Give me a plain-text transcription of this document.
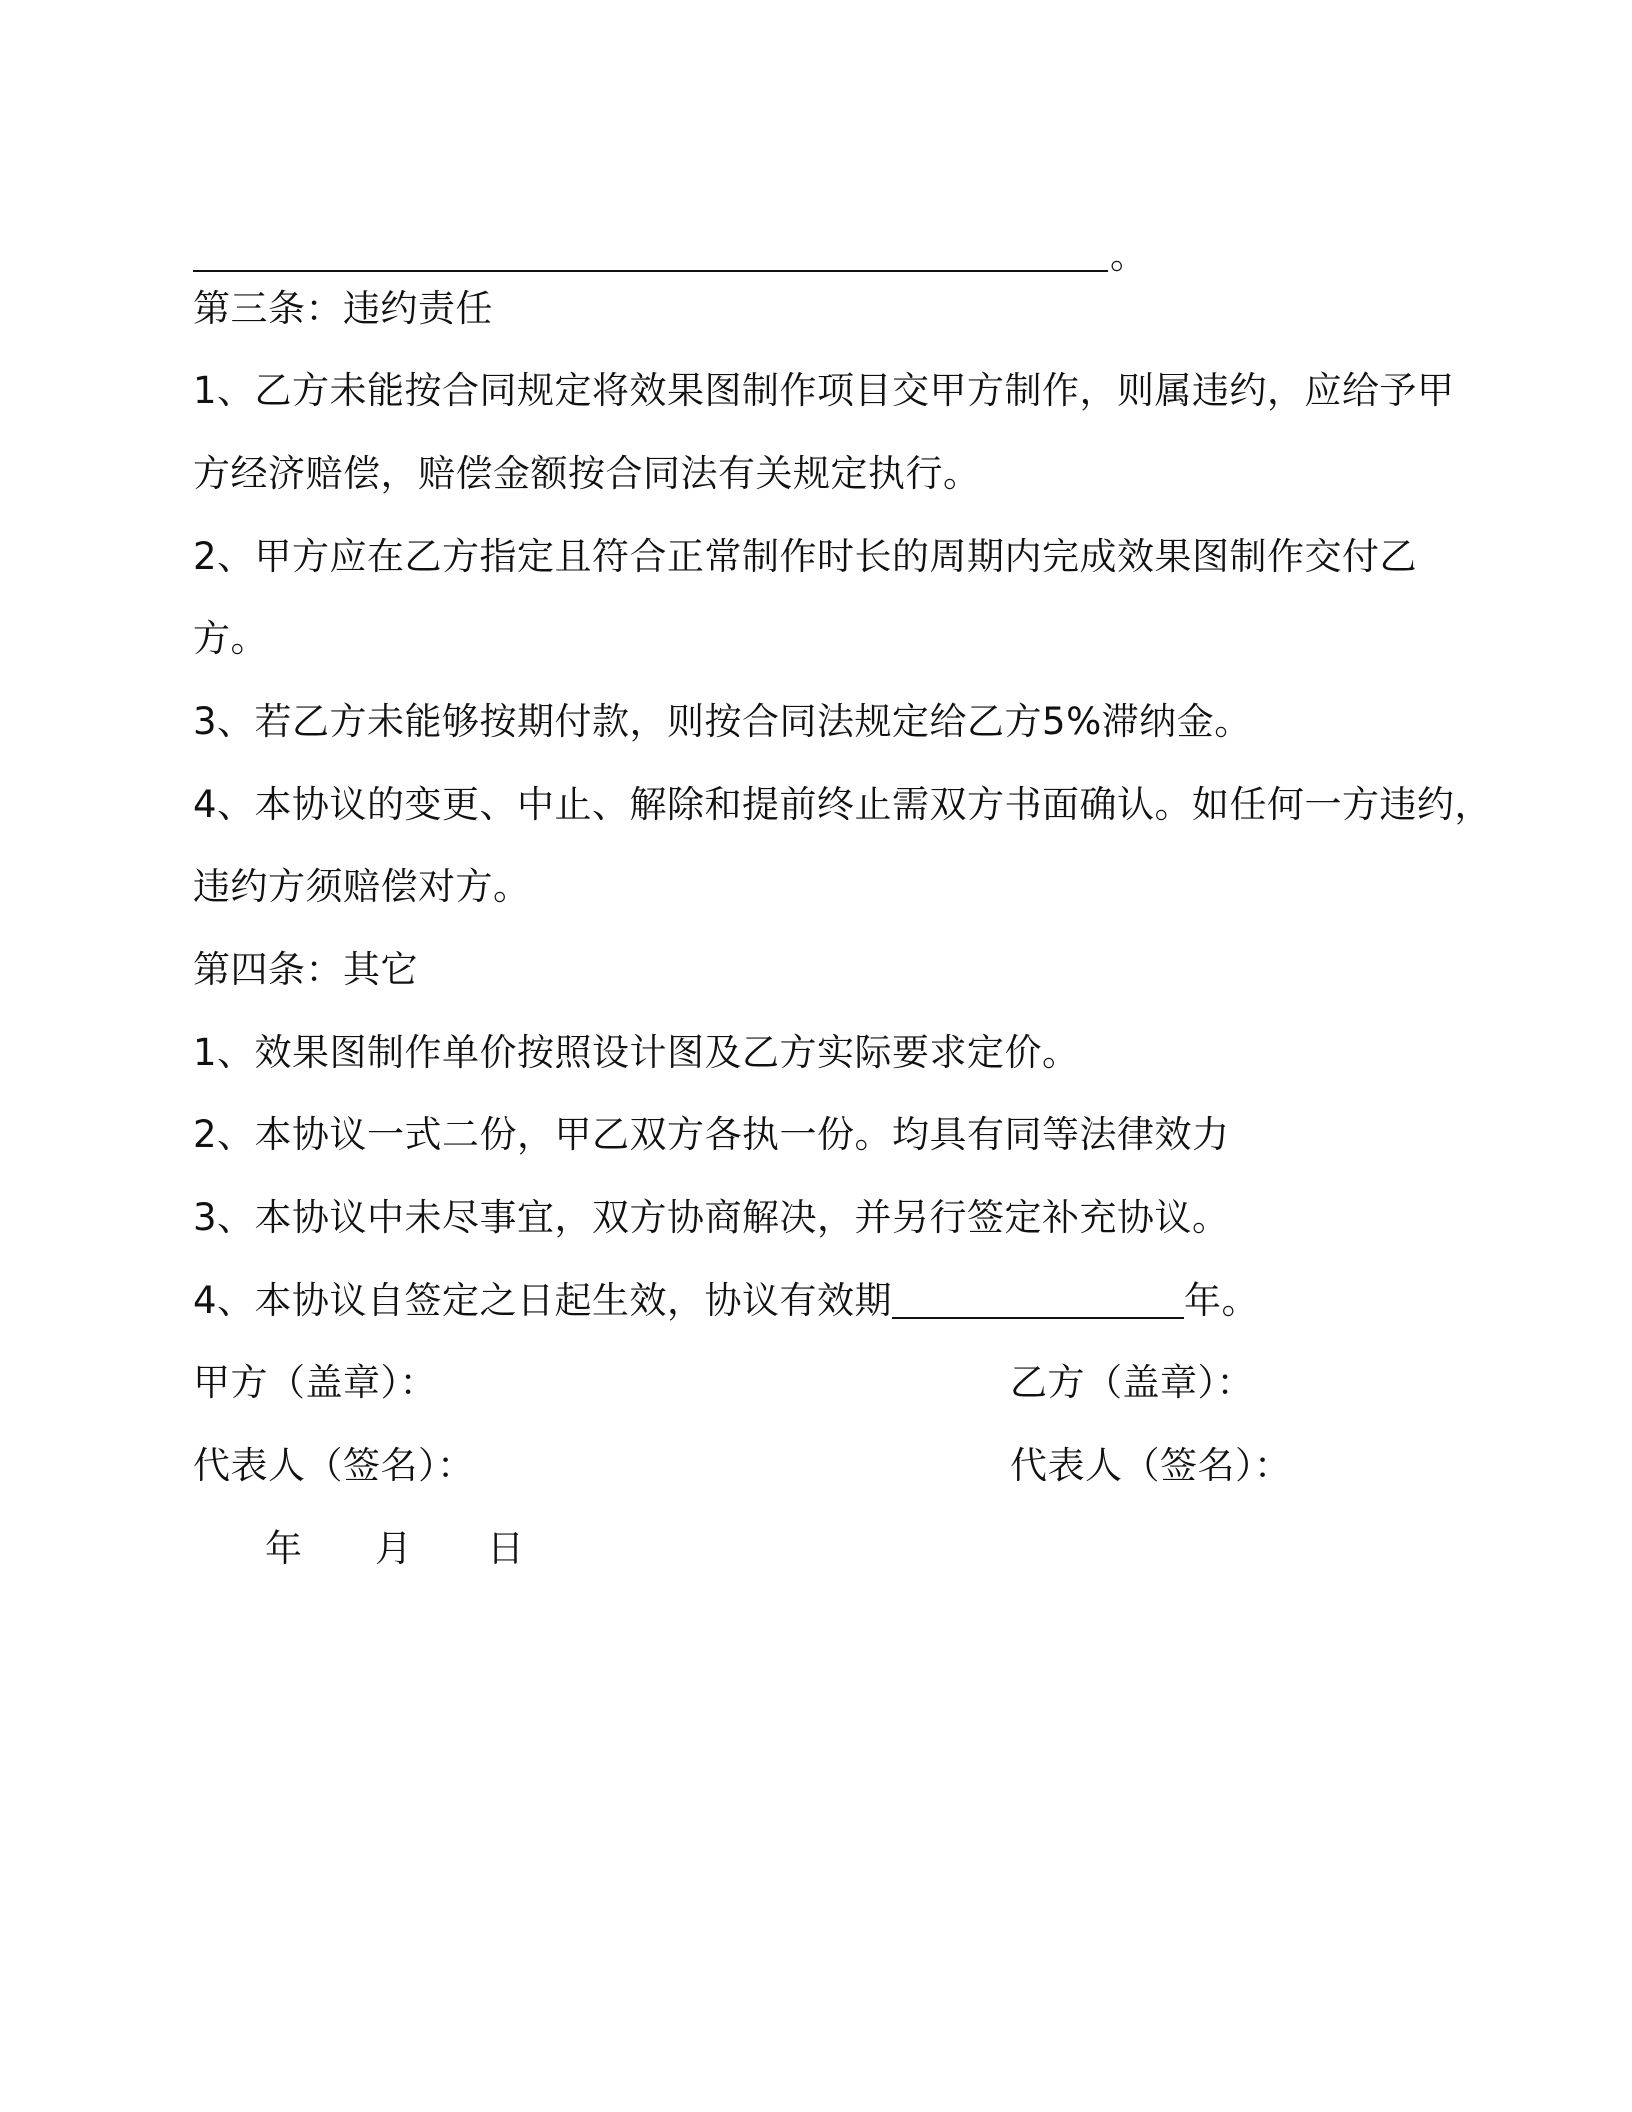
。
第三条：违约责任
1、乙方未能按合同规定将效果图制作项目交甲方制作，则属违约，应给予甲
方经济赔偿，赔偿金额按合同法有关规定执行。
2、甲方应在乙方指定且符合正常制作时长的周期内完成效果图制作交付乙
方。
3、若乙方未能够按期付款，则按合同法规定给乙方5%滞纳金。
4、本协议的变更、中止、解除和提前终止需双方书面确认。如任何一方违约，
违约方须赔偿对方。
第四条：其它
1、效果图制作单价按照设计图及乙方实际要求定价。
2、本协议一式二份，甲乙双方各执一份。均具有同等法律效力
3、本协议中未尽事宜，双方协商解决，并另行签定补充协议。
4、本协议自签定之日起生效，协议有效期	年。
甲方（盖章）：	乙方（盖章）：
代表人（签名）：	代表人（签名）：
年 月 日
